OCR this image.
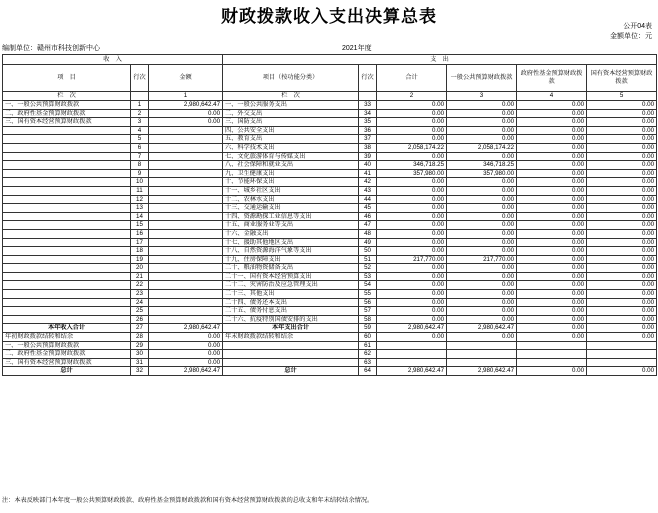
财政拨款收入支出决算总表
公开04表
金额单位：元
编制单位：赣州市科技创新中心	2021年度
收　入			支　出					
项　目	行次	金额	项目（按功能分类）	行次	合计	一般公共预算财政拨款	政府性基金预算财政拨款	国有资本经营预算财政拨款
栏　次		1	栏　次		2	3	4	5
一、一般公共预算财政拨款	1	2,980,642.47	一、一般公共服务支出	33	0.00	0.00	0.00	0.00
二、政府性基金预算财政拨款	2	0.00	二、外交支出	34	0.00	0.00	0.00	0.00
三、国有资本经营预算财政拨款	3	0.00	三、国防支出	35	0.00	0.00	0.00	0.00
	4		四、公共安全支出	36	0.00	0.00	0.00	0.00
	5		五、教育支出	37	0.00	0.00	0.00	0.00
	6		六、科学技术支出	38	2,058,174.22	2,058,174.22	0.00	0.00
	7		七、文化旅游体育与传媒支出	39	0.00	0.00	0.00	0.00
	8		八、社会保障和就业支出	40	346,718.25	346,718.25	0.00	0.00
	9		九、卫生健康支出	41	357,980.00	357,980.00	0.00	0.00
	10		十、节能环保支出	42	0.00	0.00	0.00	0.00
	11		十一、城乡社区支出	43	0.00	0.00	0.00	0.00
	12		十二、农林水支出	44	0.00	0.00	0.00	0.00
	13		十三、交通运输支出	45	0.00	0.00	0.00	0.00
	14		十四、资源勘探工业信息等支出	46	0.00	0.00	0.00	0.00
	15		十五、商业服务业等支出	47	0.00	0.00	0.00	0.00
	16		十六、金融支出	48	0.00	0.00	0.00	0.00
	17		十七、援助其他地区支出	49	0.00	0.00	0.00	0.00
	18		十八、自然资源海洋气象等支出	50	0.00	0.00	0.00	0.00
	19		十九、住房保障支出	51	217,770.00	217,770.00	0.00	0.00
	20		二十、粮油物资储备支出	52	0.00	0.00	0.00	0.00
	21		二十一、国有资本经营预算支出	53	0.00	0.00	0.00	0.00
	22		二十二、灾害防治及应急管理支出	54	0.00	0.00	0.00	0.00
	23		二十三、其他支出	55	0.00	0.00	0.00	0.00
	24		二十四、债务还本支出	56	0.00	0.00	0.00	0.00
	25		二十五、债务付息支出	57	0.00	0.00	0.00	0.00
	26		二十六、抗疫特别国债安排的支出	58	0.00	0.00	0.00	0.00
本年收入合计	27	2,980,642.47	本年支出合计	59	2,980,642.47	2,980,642.47	0.00	0.00
年初财政拨款结转和结余	28	0.00	年末财政拨款结转和结余	60	0.00	0.00	0.00	0.00
一、一般公共预算财政拨款	29	0.00		61				
二、政府性基金预算财政拨款	30	0.00		62				
三、国有资本经营预算财政拨款	31	0.00		63				
总计	32	2,980,642.47	总计	64	2,980,642.47	2,980,642.47	0.00	0.00
注：本表反映部门本年度一般公共预算财政拨款、政府性基金预算财政拨款和国有资本经营预算财政拨款的总收支和年末结转结余情况。
